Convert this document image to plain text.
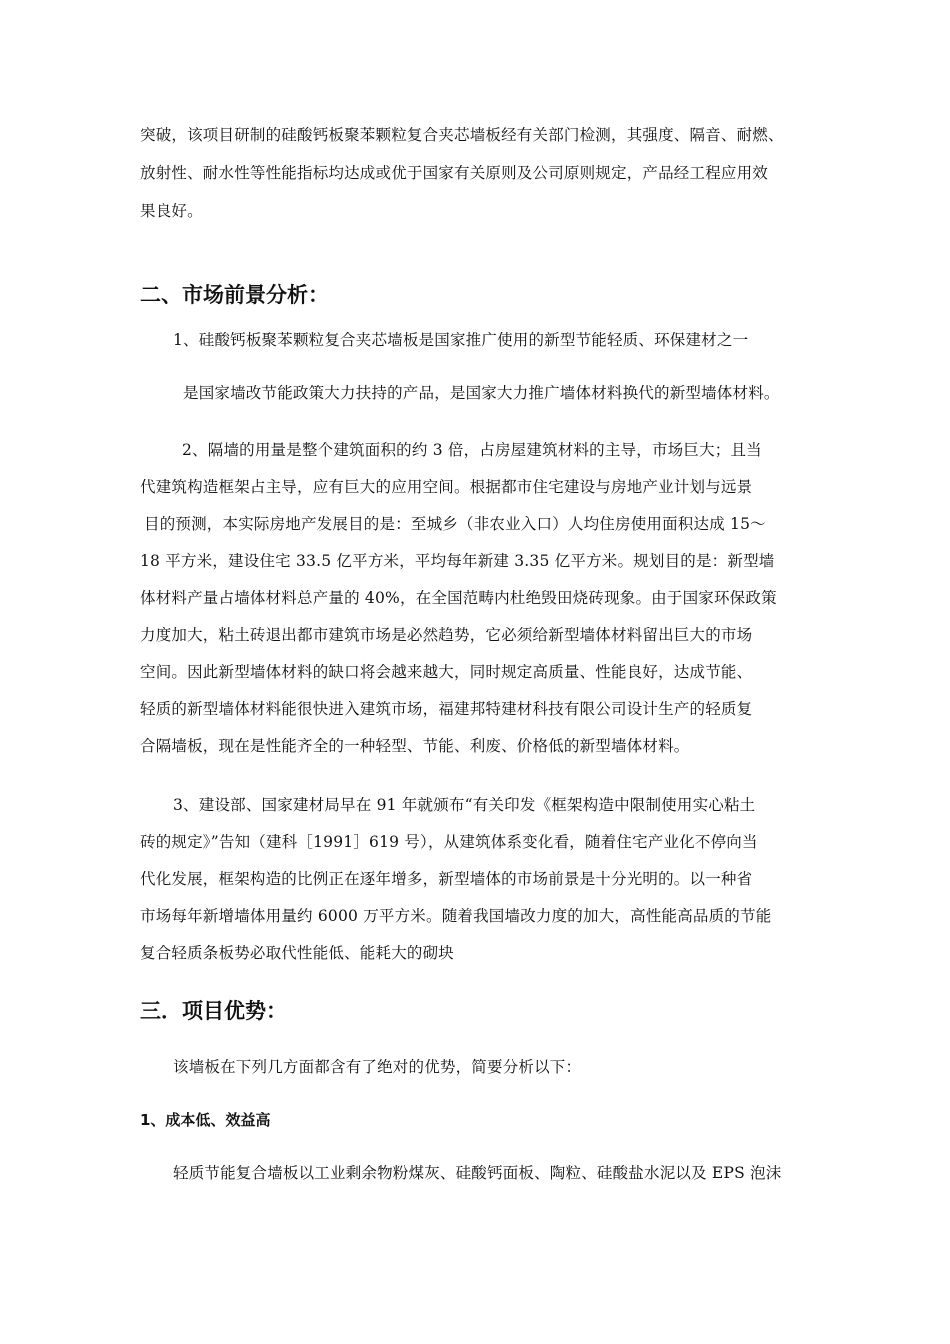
突破，该项目研制的硅酸钙板聚苯颗粒复合夹芯墙板经有关部门检测，其强度、隔音、耐燃、
放射性、耐水性等性能指标均达成或优于国家有关原则及公司原则规定，产品经工程应用效
果良好。
二、市场前景分析：
1、硅酸钙板聚苯颗粒复合夹芯墙板是国家推广使用的新型节能轻质、环保建材之一
是国家墙改节能政策大力扶持的产品，是国家大力推广墙体材料换代的新型墙体材料。
2、隔墙的用量是整个建筑面积的约 3 倍，占房屋建筑材料的主导，市场巨大；且当
代建筑构造框架占主导，应有巨大的应用空间。根据都市住宅建设与房地产业计划与远景
目的预测，本实际房地产发展目的是：至城乡（非农业入口）人均住房使用面积达成 15～
18 平方米，建设住宅 33.5 亿平方米，平均每年新建 3.35 亿平方米。规划目的是：新型墙
体材料产量占墙体材料总产量的 40%，在全国范畴内杜绝毁田烧砖现象。由于国家环保政策
力度加大，粘土砖退出都市建筑市场是必然趋势，它必须给新型墙体材料留出巨大的市场
空间。因此新型墙体材料的缺口将会越来越大，同时规定高质量、性能良好，达成节能、
轻质的新型墙体材料能很快进入建筑市场，福建邦特建材科技有限公司设计生产的轻质复
合隔墙板，现在是性能齐全的一种轻型、节能、利废、价格低的新型墙体材料。
3、建设部、国家建材局早在 91 年就颁布“有关印发《框架构造中限制使用实心粘土
砖的规定》”告知（建科［1991］619 号），从建筑体系变化看，随着住宅产业化不停向当
代化发展，框架构造的比例正在逐年增多，新型墙体的市场前景是十分光明的。以一种省
市场每年新增墙体用量约 6000 万平方米。随着我国墙改力度的加大，高性能高品质的节能
复合轻质条板势必取代性能低、能耗大的砌块
三．项目优势：
该墙板在下列几方面都含有了绝对的优势，简要分析以下：
1、成本低、效益高
轻质节能复合墙板以工业剩余物粉煤灰、硅酸钙面板、陶粒、硅酸盐水泥以及 EPS 泡沫
